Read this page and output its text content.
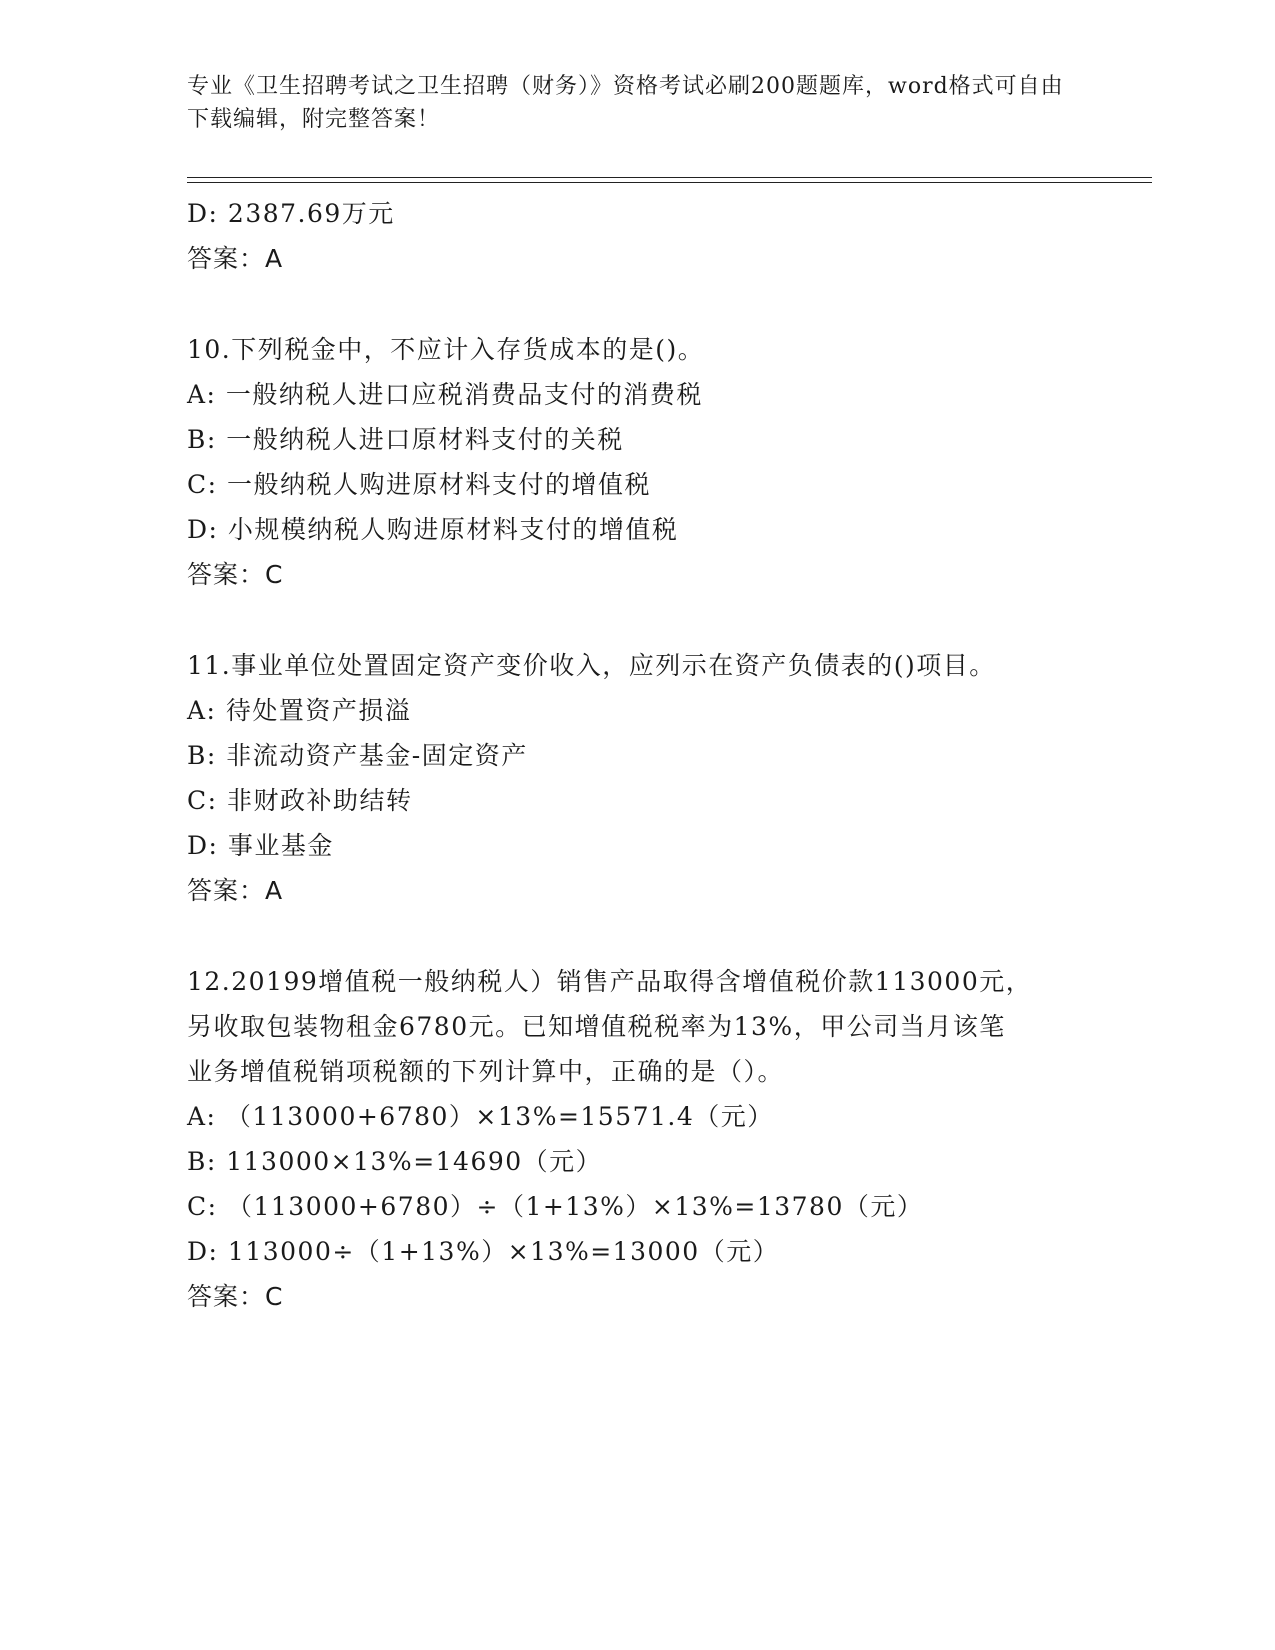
专业《卫生招聘考试之卫生招聘（财务）》资格考试必刷200题题库，word格式可自由下载编辑，附完整答案！
D: 2387.69万元
答案：A
10.下列税金中，不应计入存货成本的是()。
A: 一般纳税人进口应税消费品支付的消费税
B: 一般纳税人进口原材料支付的关税
C: 一般纳税人购进原材料支付的增值税
D: 小规模纳税人购进原材料支付的增值税
答案：C
11.事业单位处置固定资产变价收入，应列示在资产负债表的()项目。
A: 待处置资产损溢
B: 非流动资产基金-固定资产
C: 非财政补助结转
D: 事业基金
答案：A
12.20199增值税一般纳税人）销售产品取得含增值税价款113000元，
另收取包装物租金6780元。已知增值税税率为13%，甲公司当月该笔
业务增值税销项税额的下列计算中，正确的是（）。
A: （113000+6780）×13%=15571.4（元）
B: 113000×13%=14690（元）
C: （113000+6780）÷（1+13%）×13%=13780（元）
D: 113000÷（1+13%）×13%=13000（元）
答案：C
